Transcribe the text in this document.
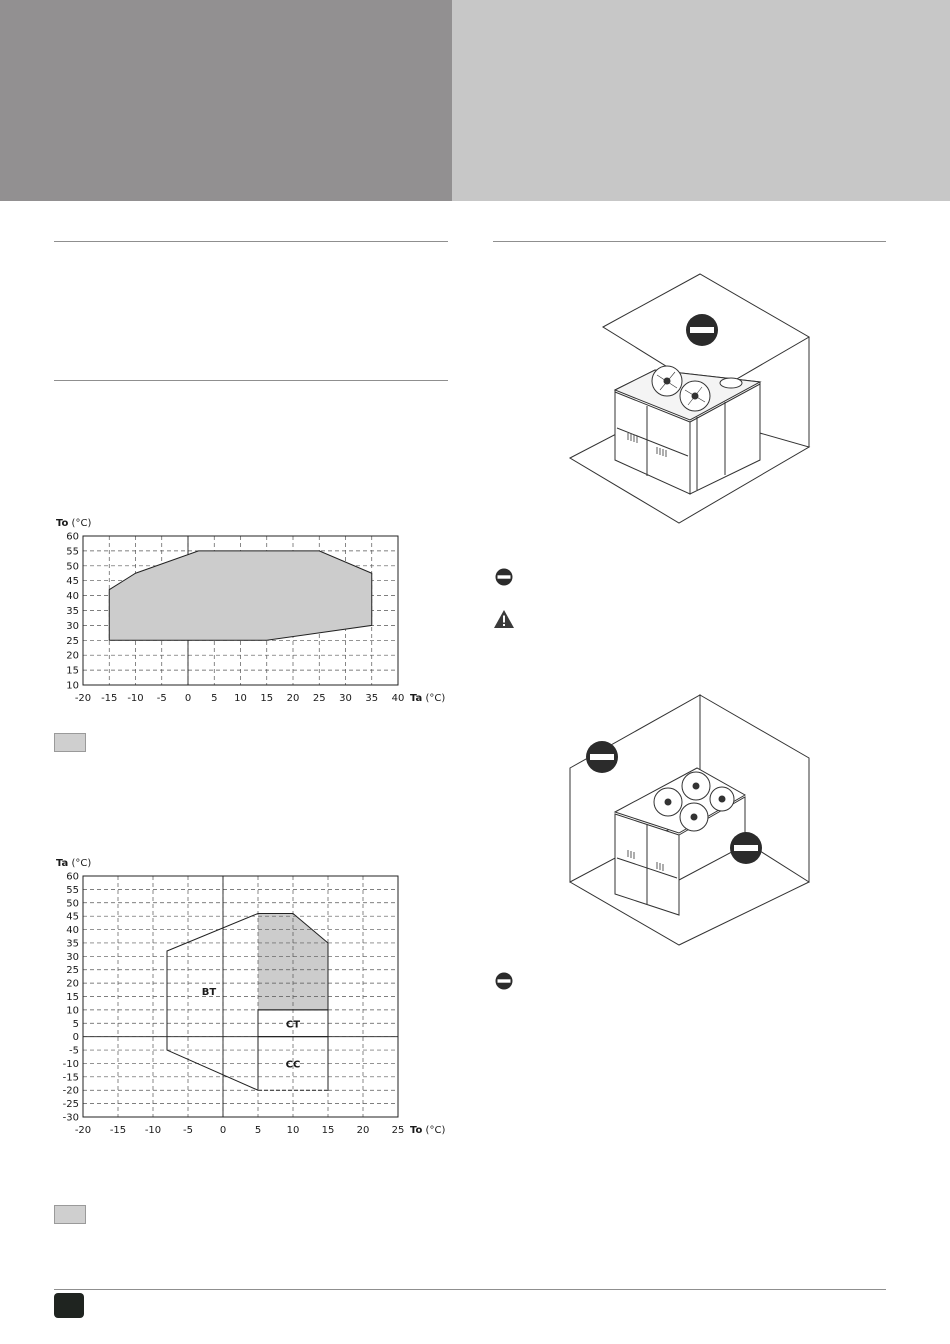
-20 -15 -10 -5 0 5 10 15 20 25 30 35 40
10
15
20
25
30
35
40
45
50
55
60
Ta (°C)
To (°C)
BT
CT
CC
-20 -15 -10 -5	0	5	10 15 20 25
-30
-25
-20
-15
-10
-5
0
5
10
15
20
25
30
35
40
45
50
55
60
To (°C)
Ta (°C)
